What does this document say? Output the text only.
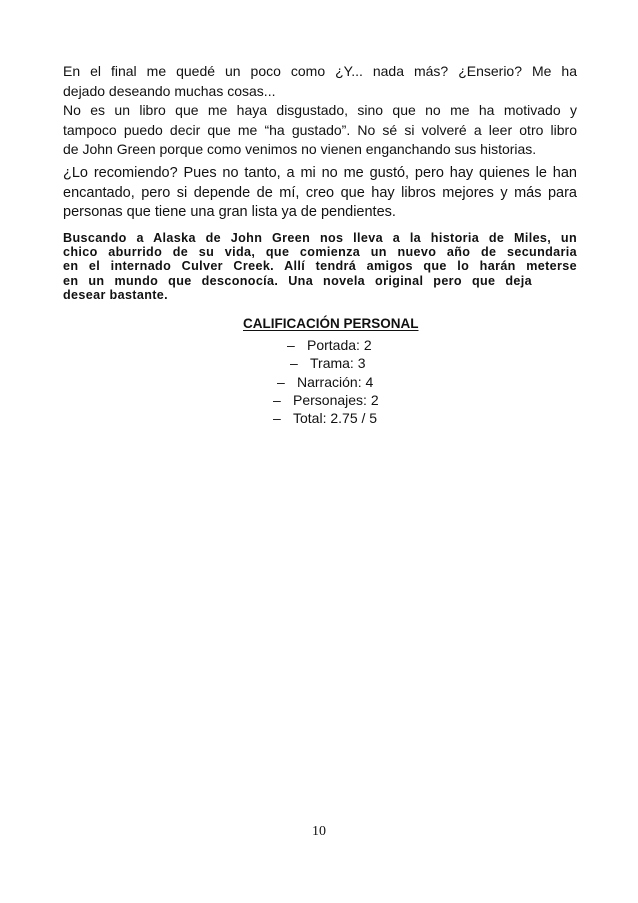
En el final me quedé un poco como ¿Y... nada más? ¿Enserio? Me ha
dejado deseando muchas cosas...
No es un libro que me haya disgustado, sino que no me ha motivado y
tampoco puedo decir que me “ha gustado”. No sé si volveré a leer otro libro
de John Green porque como venimos no vienen enganchando sus historias.

¿Lo recomiendo? Pues no tanto, a mi no me gustó, pero hay quienes le han
encantado, pero si depende de mí, creo que hay libros mejores y más para
personas que tiene una gran lista ya de pendientes.

Buscando a Alaska de John Green nos lleva a la historia de Miles, un
chico aburrido de su vida, que comienza un nuevo año de secundaria
en el internado Culver Creek. Allí tendrá amigos que lo harán meterse
en un mundo que desconocía. Una novela original pero que deja
desear bastante.

CALIFICACIÓN PERSONAL

– Portada: 2
– Trama: 3
– Narración: 4
– Personajes: 2
– Total: 2.75 / 5

10
